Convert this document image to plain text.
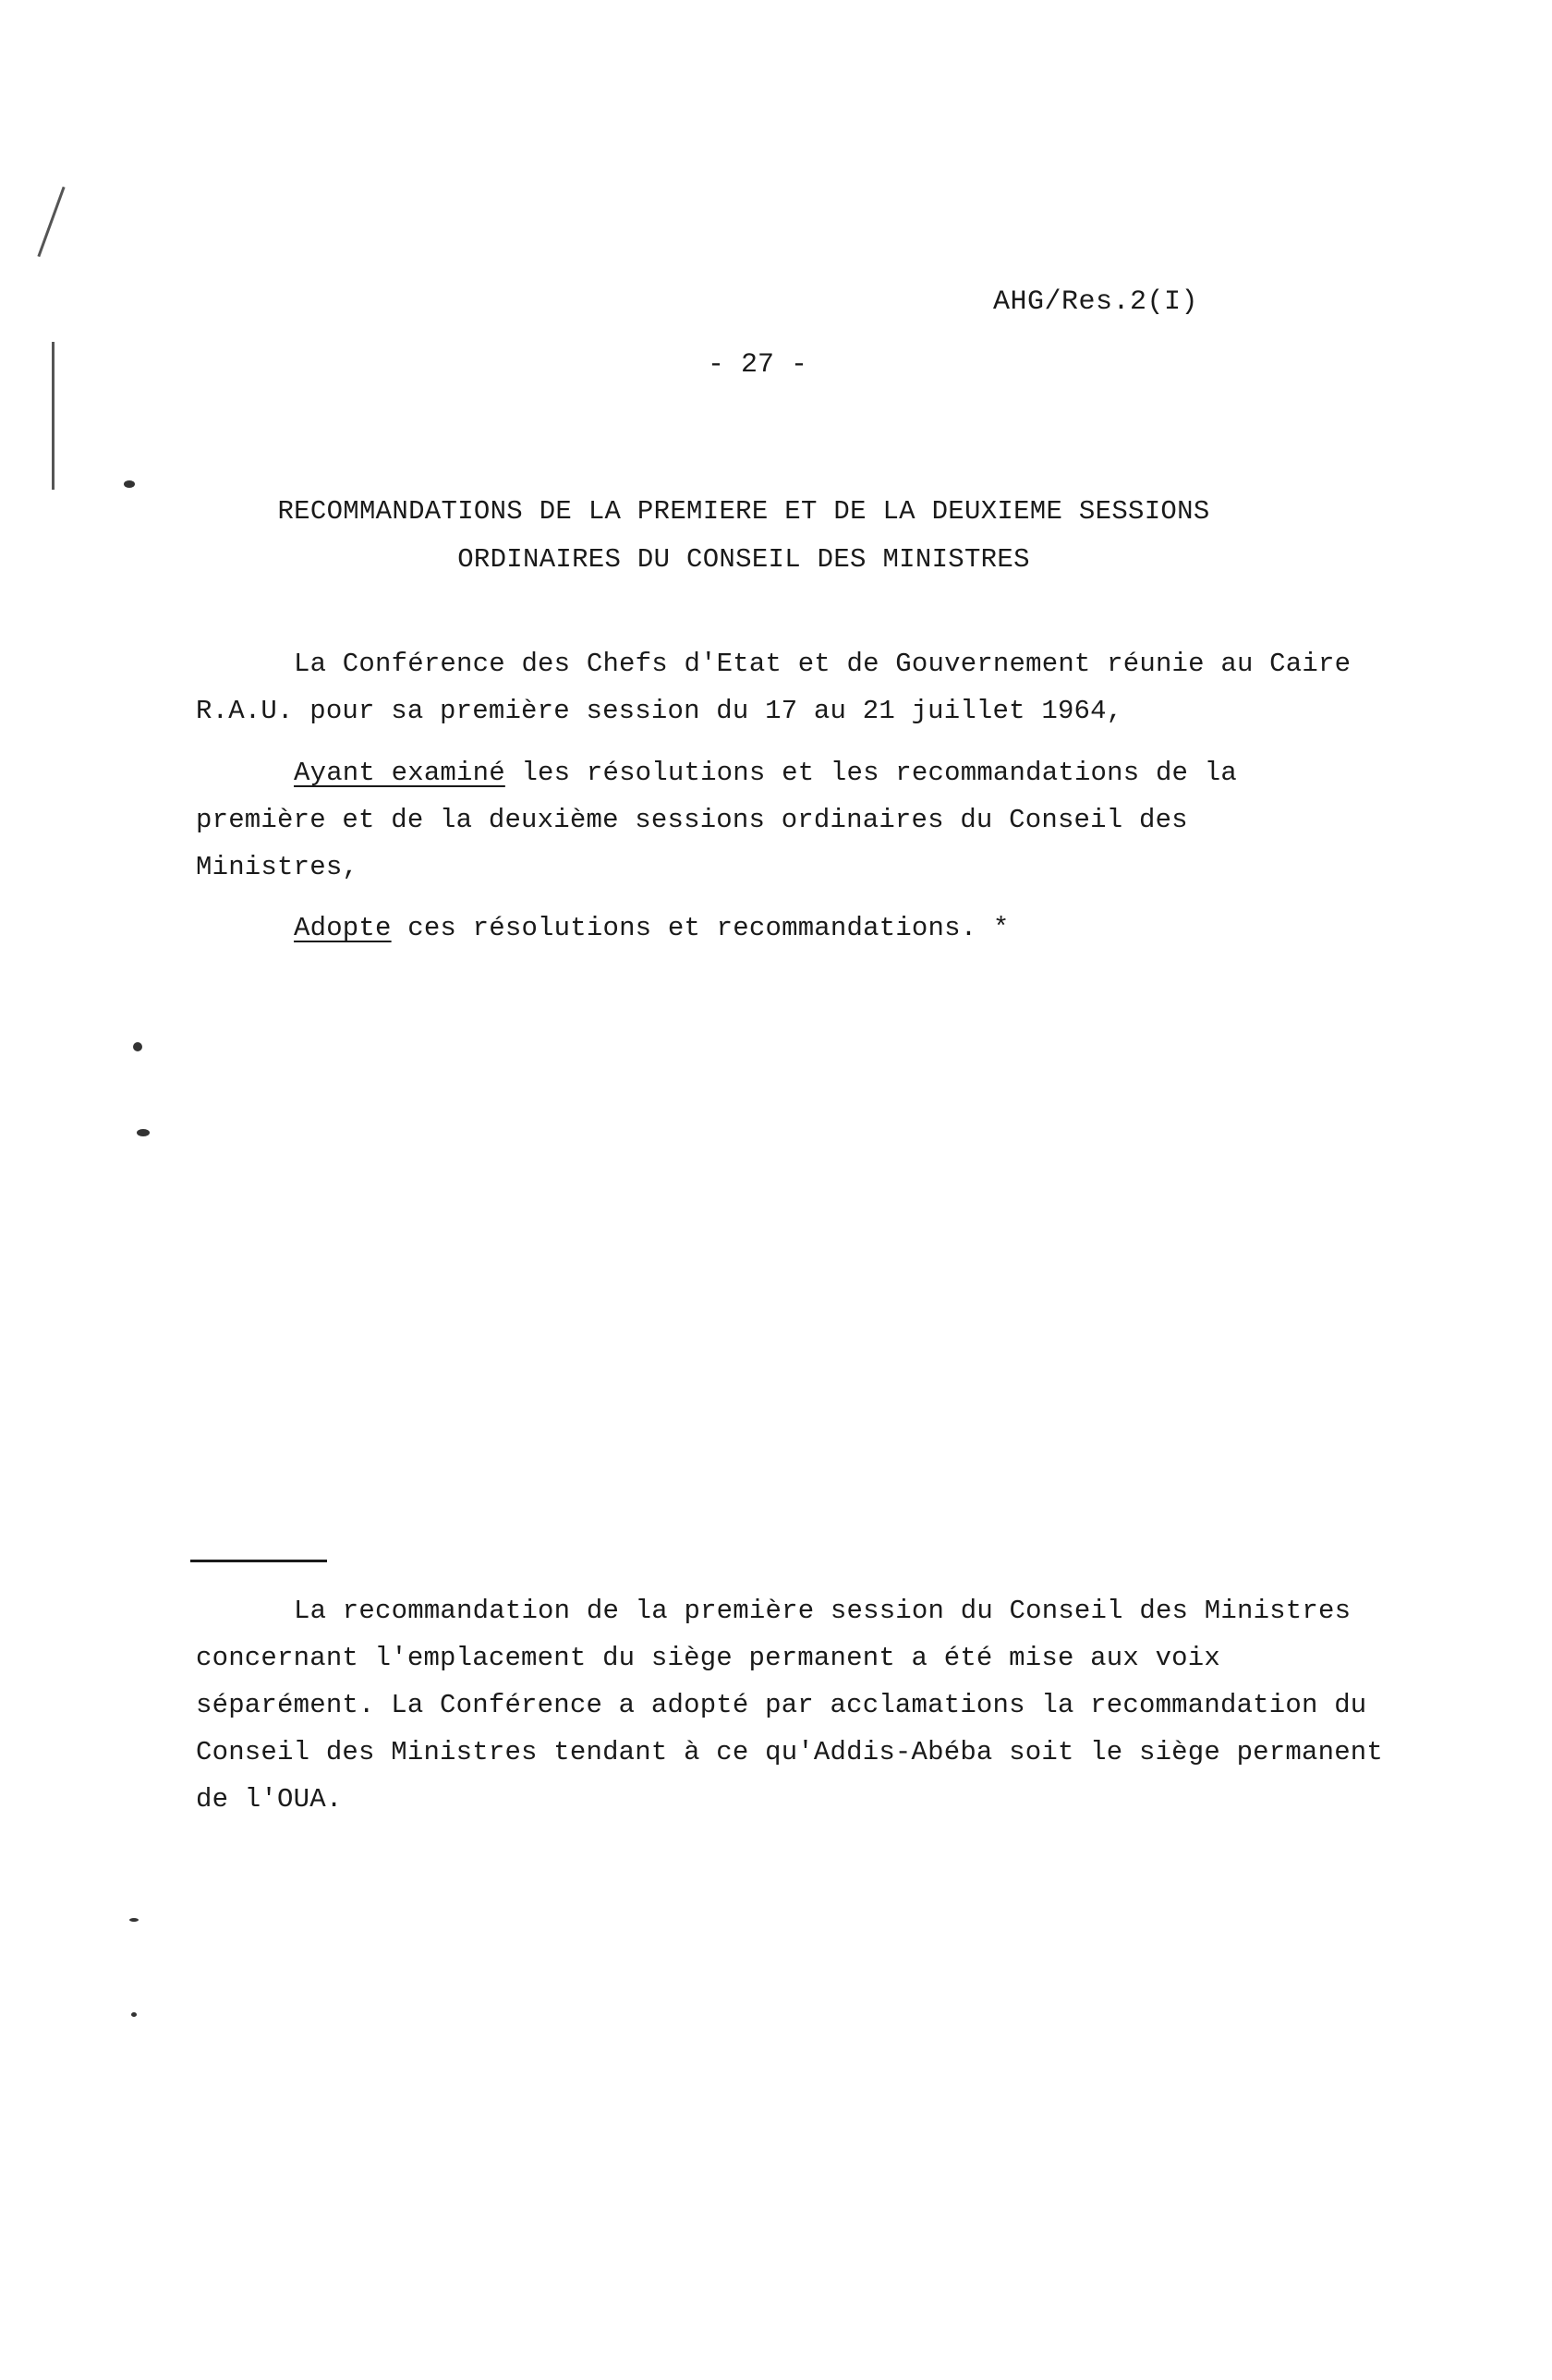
AHG/Res.2(I)
- 27 -
RECOMMANDATIONS DE LA PREMIERE ET DE LA DEUXIEME SESSIONS
ORDINAIRES DU CONSEIL DES MINISTRES
La Conférence des Chefs d'Etat et de Gouvernement réunie au Caire R.A.U. pour sa première session du 17 au 21 juillet 1964,
Ayant examiné les résolutions et les recommandations de la première et de la deuxième sessions ordinaires du Conseil des Ministres,
Adopte ces résolutions et recommandations. *
La recommandation de la première session du Conseil des Ministres concernant l'emplacement du siège permanent a été mise aux voix séparément. La Conférence a adopté par acclamations la recommandation du Conseil des Ministres tendant à ce qu'Addis-Abéba soit le siège permanent de l'OUA.
